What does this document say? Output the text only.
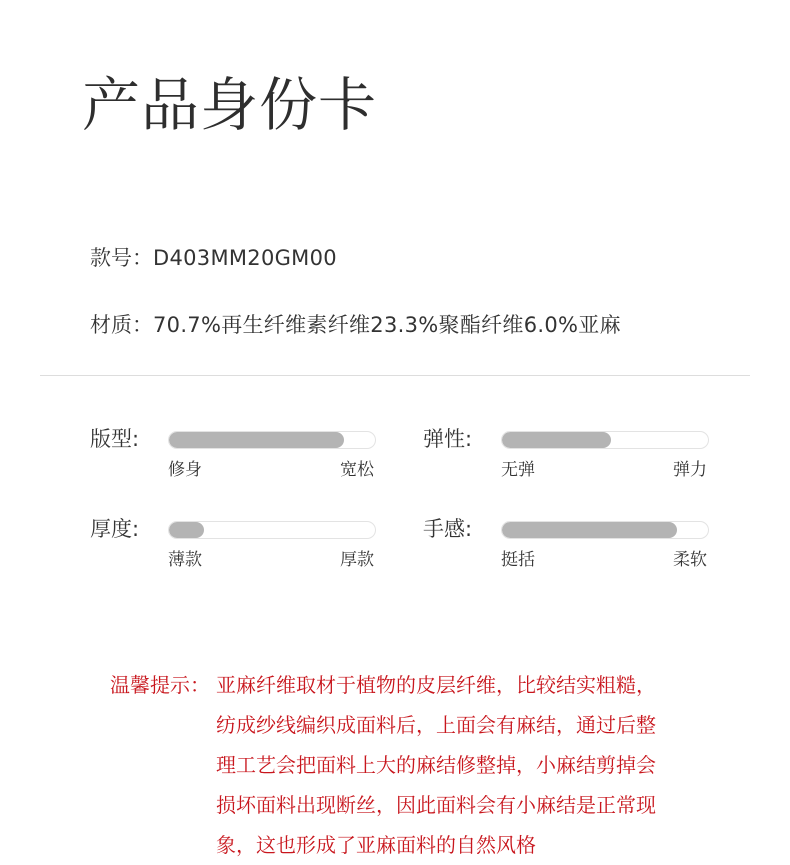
产品身份卡
款号：D403MM20GM00
材质：70.7%再生纤维素纤维23.3%聚酯纤维6.0%亚麻
版型:
修身	宽松
弹性:
无弹	弹力
厚度:
薄款	厚款
手感:
挺括	柔软
温馨提示： 亚麻纤维取材于植物的皮层纤维，比较结实粗糙，
纺成纱线编织成面料后，上面会有麻结，通过后整
理工艺会把面料上大的麻结修整掉，小麻结剪掉会
损坏面料出现断丝，因此面料会有小麻结是正常现
象，这也形成了亚麻面料的自然风格
